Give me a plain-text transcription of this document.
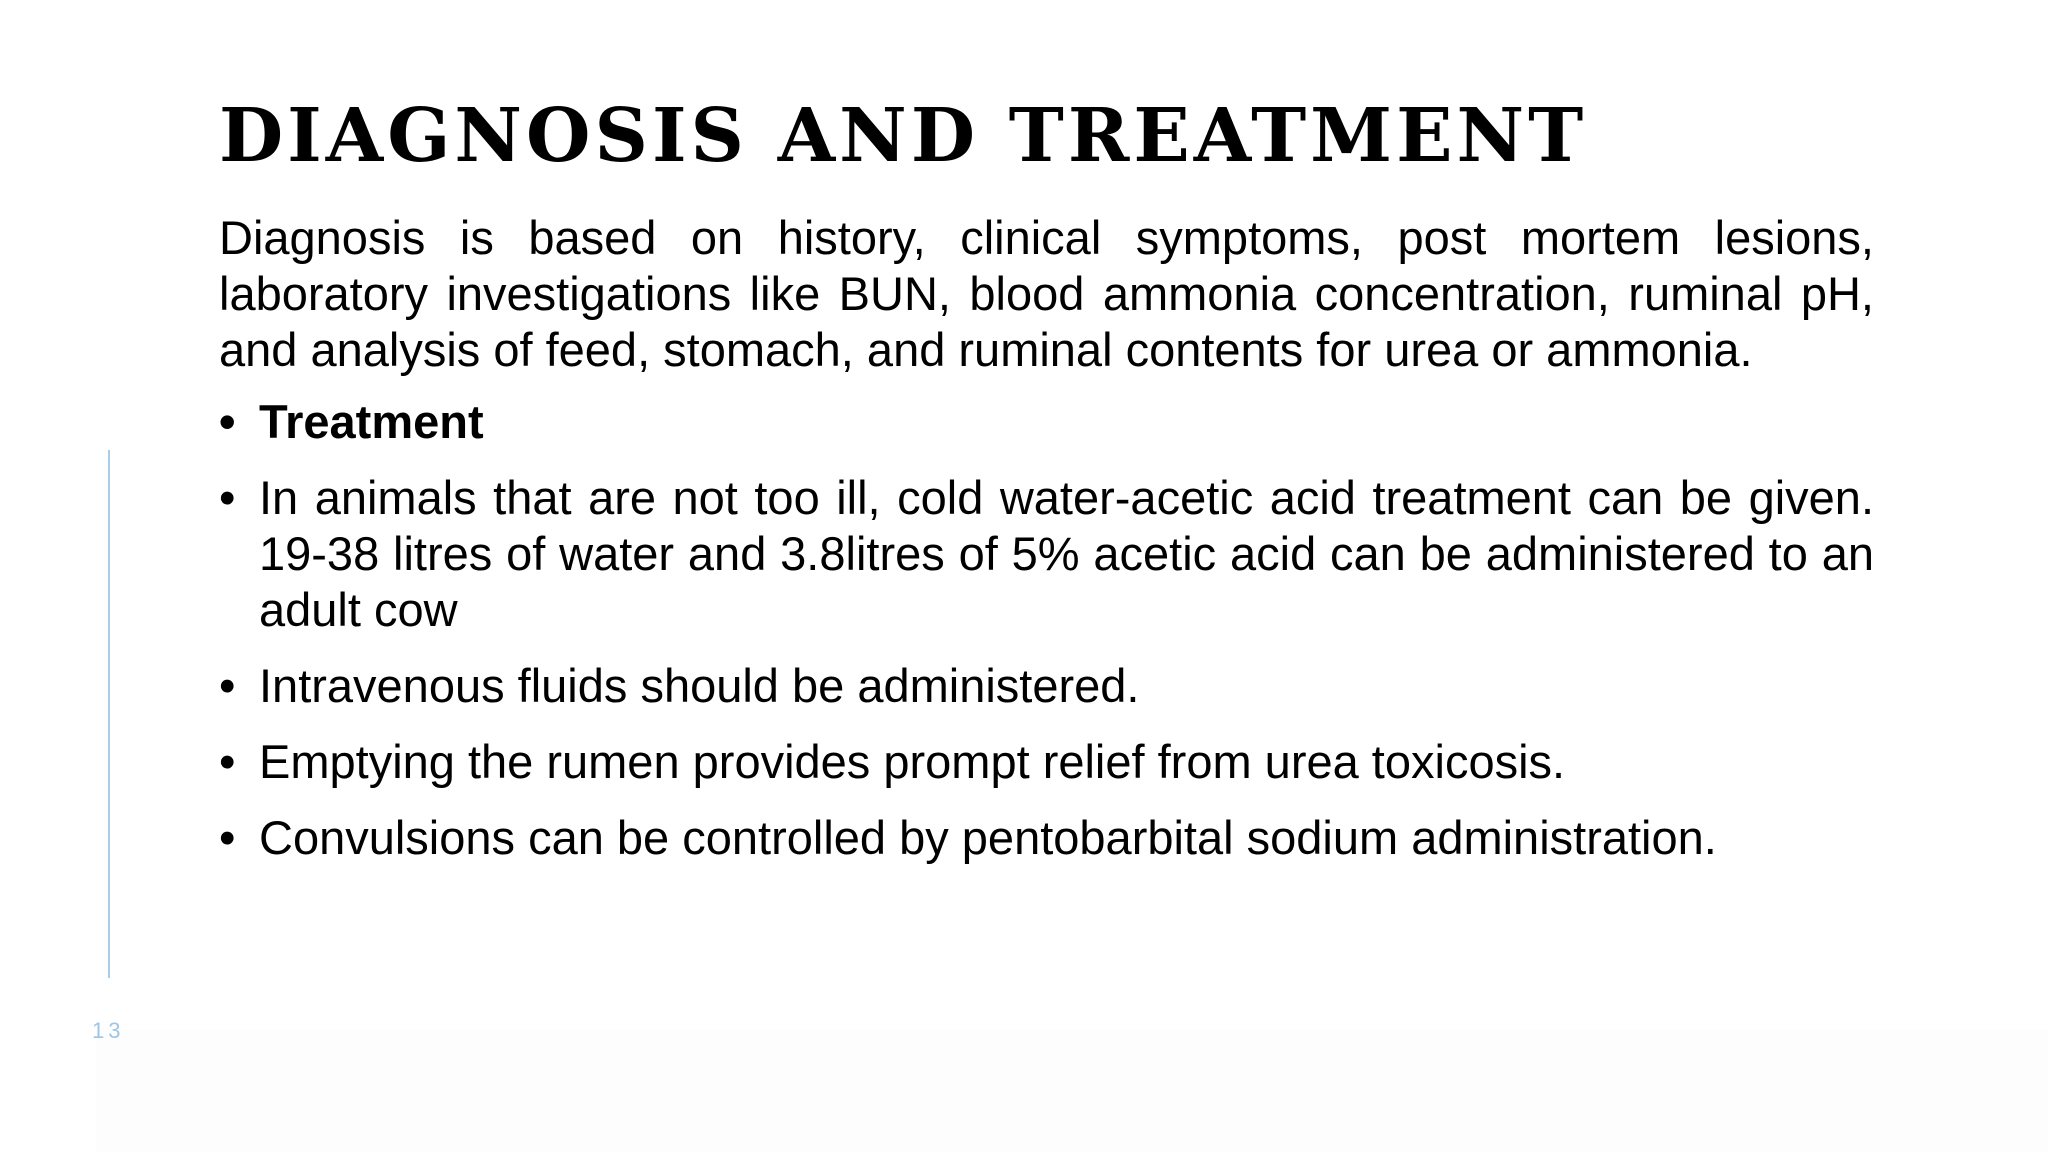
13
DIAGNOSIS AND TREATMENT

Diagnosis is based on history, clinical symptoms, post mortem lesions, laboratory investigations like BUN, blood ammonia concentration, ruminal pH, and analysis of feed, stomach, and ruminal contents for urea or ammonia.

• Treatment
• In animals that are not too ill, cold water-acetic acid treatment can be given. 19-38 litres of water and 3.8litres of 5% acetic acid can be administered to an adult cow
• Intravenous fluids should be administered.
• Emptying the rumen provides prompt relief from urea toxicosis.
• Convulsions can be controlled by pentobarbital sodium administration.
